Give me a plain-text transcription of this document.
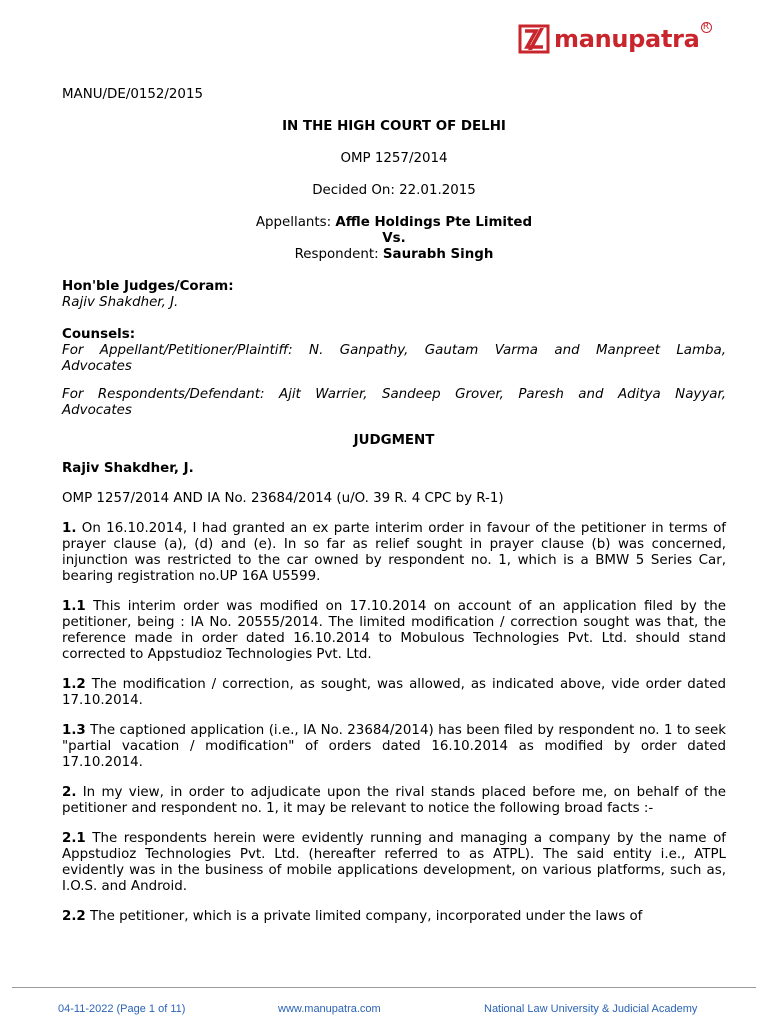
manupatra R

MANU/DE/0152/2015

IN THE HIGH COURT OF DELHI

OMP 1257/2014

Decided On: 22.01.2015

Appellants: Affle Holdings Pte Limited

Vs.

Respondent: Saurabh Singh

Hon'ble Judges/Coram:

Rajiv Shakdher, J.

Counsels:

For Appellant/Petitioner/Plaintiff: N. Ganpathy, Gautam Varma and Manpreet Lamba, Advocates

For Respondents/Defendant: Ajit Warrier, Sandeep Grover, Paresh and Aditya Nayyar, Advocates

JUDGMENT

Rajiv Shakdher, J.

OMP 1257/2014 AND IA No. 23684/2014 (u/O. 39 R. 4 CPC by R-1)

1. On 16.10.2014, I had granted an ex parte interim order in favour of the petitioner in terms of prayer clause (a), (d) and (e). In so far as relief sought in prayer clause (b) was concerned, injunction was restricted to the car owned by respondent no. 1, which is a BMW 5 Series Car, bearing registration no.UP 16A U5599.

1.1 This interim order was modified on 17.10.2014 on account of an application filed by the petitioner, being : IA No. 20555/2014. The limited modification / correction sought was that, the reference made in order dated 16.10.2014 to Mobulous Technologies Pvt. Ltd. should stand corrected to Appstudioz Technologies Pvt. Ltd.

1.2 The modification / correction, as sought, was allowed, as indicated above, vide order dated 17.10.2014.

1.3 The captioned application (i.e., IA No. 23684/2014) has been filed by respondent no. 1 to seek "partial vacation / modification" of orders dated 16.10.2014 as modified by order dated 17.10.2014.

2. In my view, in order to adjudicate upon the rival stands placed before me, on behalf of the petitioner and respondent no. 1, it may be relevant to notice the following broad facts :-

2.1 The respondents herein were evidently running and managing a company by the name of Appstudioz Technologies Pvt. Ltd. (hereafter referred to as ATPL). The said entity i.e., ATPL evidently was in the business of mobile applications development, on various platforms, such as, I.O.S. and Android.

2.2 The petitioner, which is a private limited company, incorporated under the laws of

04-11-2022 (Page 1 of 11)	www.manupatra.com	National Law University & Judicial Academy
